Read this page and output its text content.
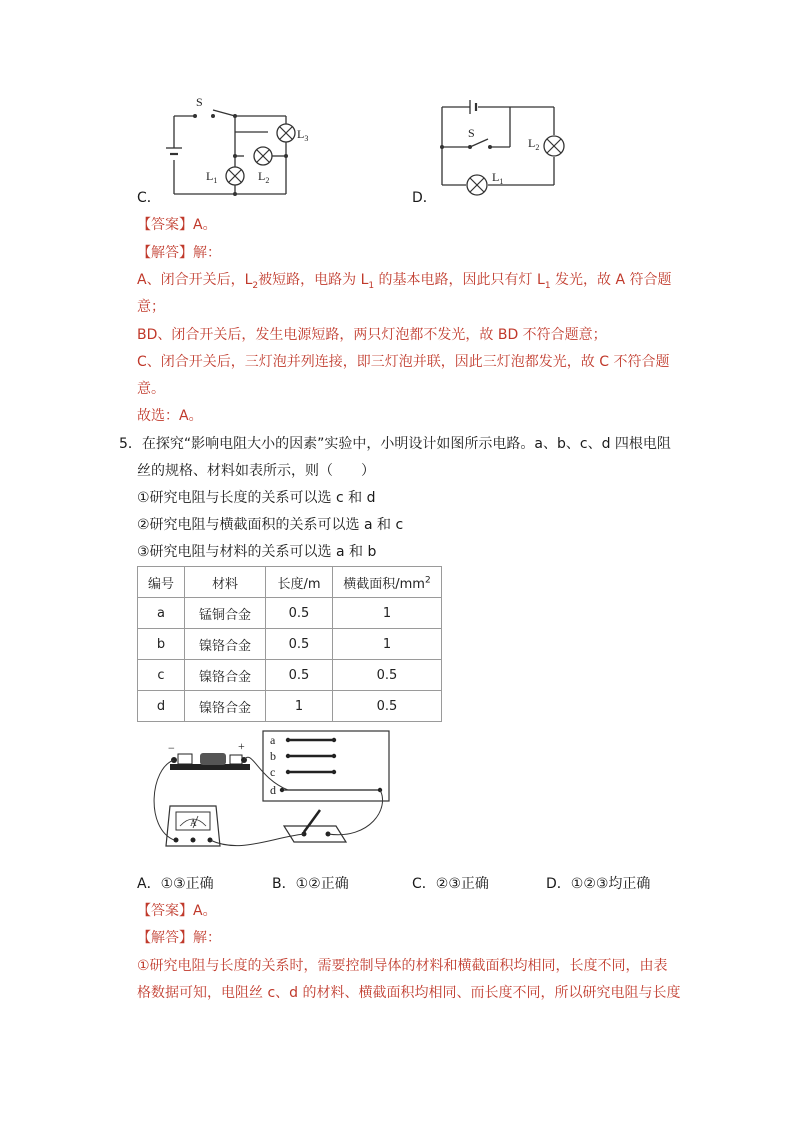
C．
S
$L_1$	$L_2$
$L_3$
D．
S
$L_2$
$L_1$
【答案】A。
【解答】解：
A、闭合开关后，$L_2$被短路，电路为 $L_1$ 的基本电路，因此只有灯 $L_1$ 发光，故 A 符合题
意；
BD、闭合开关后，发生电源短路，两只灯泡都不发光，故 BD 不符合题意；
C、闭合开关后，三灯泡并列连接，即三灯泡并联，因此三灯泡都发光，故 C 不符合题
意。
故选：A。
5．在探究“影响电阻大小的因素”实验中，小明设计如图所示电路。a、b、c、d 四根电阻
丝的规格、材料如表所示，则（　　）
①研究电阻与长度的关系可以选 c 和 d
②研究电阻与横截面积的关系可以选 a 和 c
③研究电阻与材料的关系可以选 a 和 b
编号	材料	长度/m	横截面积$/mm^2$
a	锰铜合金	0.5	1
b	镍铬合金	0.5	1
c	镍铬合金	0.5	0.5
d	镍铬合金	1	0.5
a
b
c
d
−	+
A
A．①③正确	B．①②正确	C．②③正确	D．①②③均正确
【答案】A。
【解答】解：
①研究电阻与长度的关系时，需要控制导体的材料和横截面积均相同，长度不同，由表
格数据可知，电阻丝 c、d 的材料、横截面积均相同、而长度不同，所以研究电阻与长度
